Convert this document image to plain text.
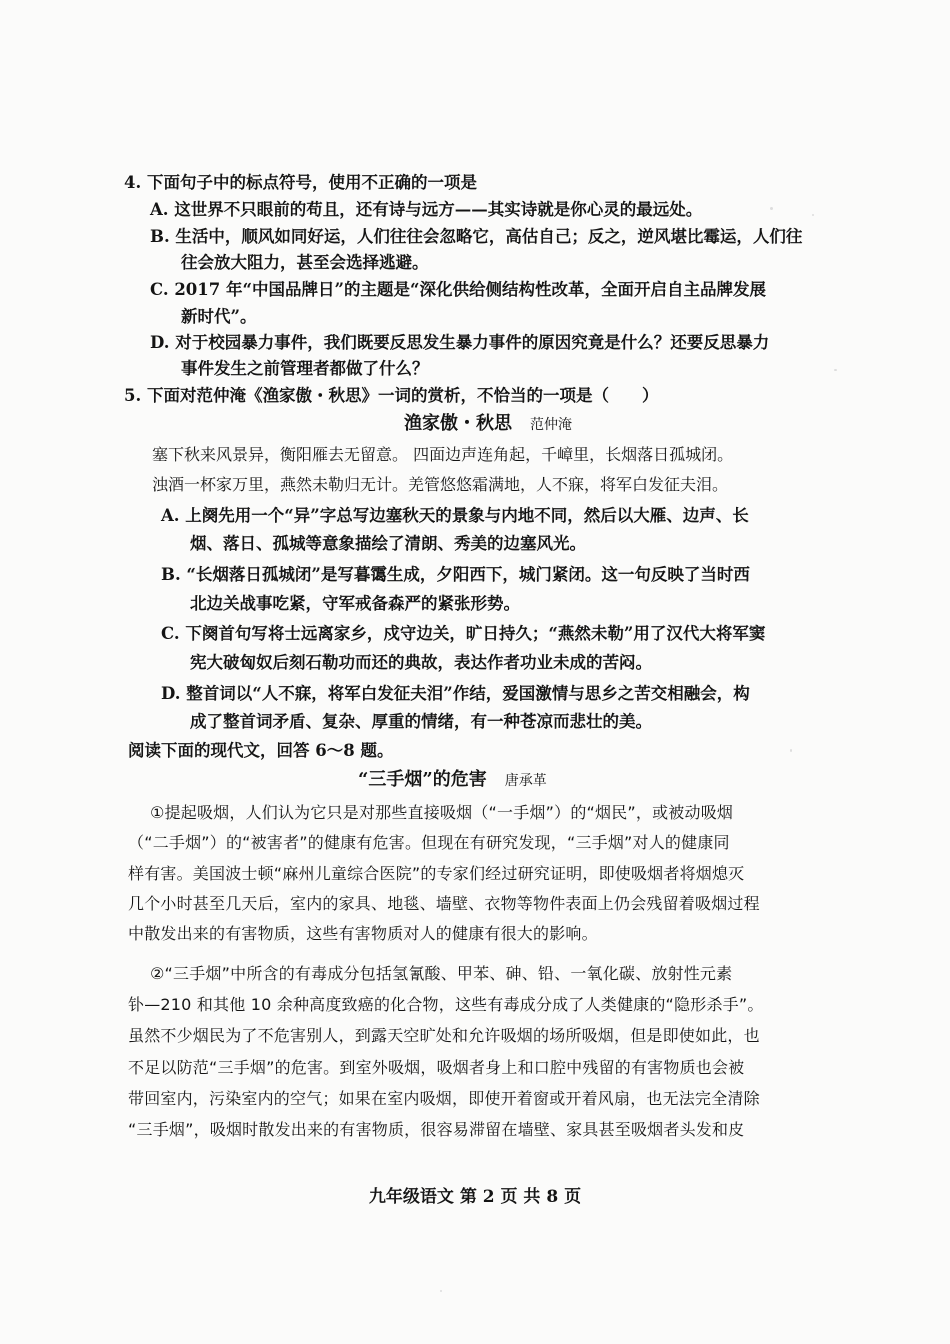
4. 下面句子中的标点符号，使用不正确的一项是
A. 这世界不只眼前的苟且，还有诗与远方——其实诗就是你心灵的最远处。
B. 生活中，顺风如同好运，人们往往会忽略它，高估自己；反之，逆风堪比霉运，人们往
往会放大阻力，甚至会选择逃避。
C. 2017 年“中国品牌日”的主题是“深化供给侧结构性改革，全面开启自主品牌发展
新时代”。
D. 对于校园暴力事件，我们既要反思发生暴力事件的原因究竟是什么？还要反思暴力
事件发生之前管理者都做了什么？
5. 下面对范仲淹《渔家傲・秋思》一词的赏析，不恰当的一项是（　　）
渔家傲・秋思 范仲淹
塞下秋来风景异，衡阳雁去无留意。 四面边声连角起，千嶂里，长烟落日孤城闭。
浊酒一杯家万里，燕然未勒归无计。羌管悠悠霜满地，人不寐，将军白发征夫泪。
A. 上阕先用一个“异”字总写边塞秋天的景象与内地不同，然后以大雁、边声、长
烟、落日、孤城等意象描绘了清朗、秀美的边塞风光。
B. “长烟落日孤城闭”是写暮霭生成，夕阳西下，城门紧闭。这一句反映了当时西
北边关战事吃紧，守军戒备森严的紧张形势。
C. 下阕首句写将士远离家乡，戍守边关，旷日持久；“燕然未勒”用了汉代大将军窦
宪大破匈奴后刻石勒功而还的典故，表达作者功业未成的苦闷。
D. 整首词以“人不寐，将军白发征夫泪”作结，爱国激情与思乡之苦交相融会，构
成了整首词矛盾、复杂、厚重的情绪，有一种苍凉而悲壮的美。
阅读下面的现代文，回答 6～8 题。
“三手烟”的危害 唐承革
①提起吸烟，人们认为它只是对那些直接吸烟（“一手烟”）的“烟民”，或被动吸烟
（“二手烟”）的“被害者”的健康有危害。但现在有研究发现，“三手烟”对人的健康同
样有害。美国波士顿“麻州儿童综合医院”的专家们经过研究证明，即使吸烟者将烟熄灭
几个小时甚至几天后，室内的家具、地毯、墙壁、衣物等物件表面上仍会残留着吸烟过程
中散发出来的有害物质，这些有害物质对人的健康有很大的影响。
②“三手烟”中所含的有毒成分包括氢氰酸、甲苯、砷、铅、一氧化碳、放射性元素
钋—210 和其他 10 余种高度致癌的化合物，这些有毒成分成了人类健康的“隐形杀手”。
虽然不少烟民为了不危害别人，到露天空旷处和允许吸烟的场所吸烟，但是即使如此，也
不足以防范“三手烟”的危害。到室外吸烟，吸烟者身上和口腔中残留的有害物质也会被
带回室内，污染室内的空气；如果在室内吸烟，即使开着窗或开着风扇，也无法完全清除
“三手烟”，吸烟时散发出来的有害物质，很容易滞留在墙壁、家具甚至吸烟者头发和皮
九年级语文 第 2 页 共 8 页
